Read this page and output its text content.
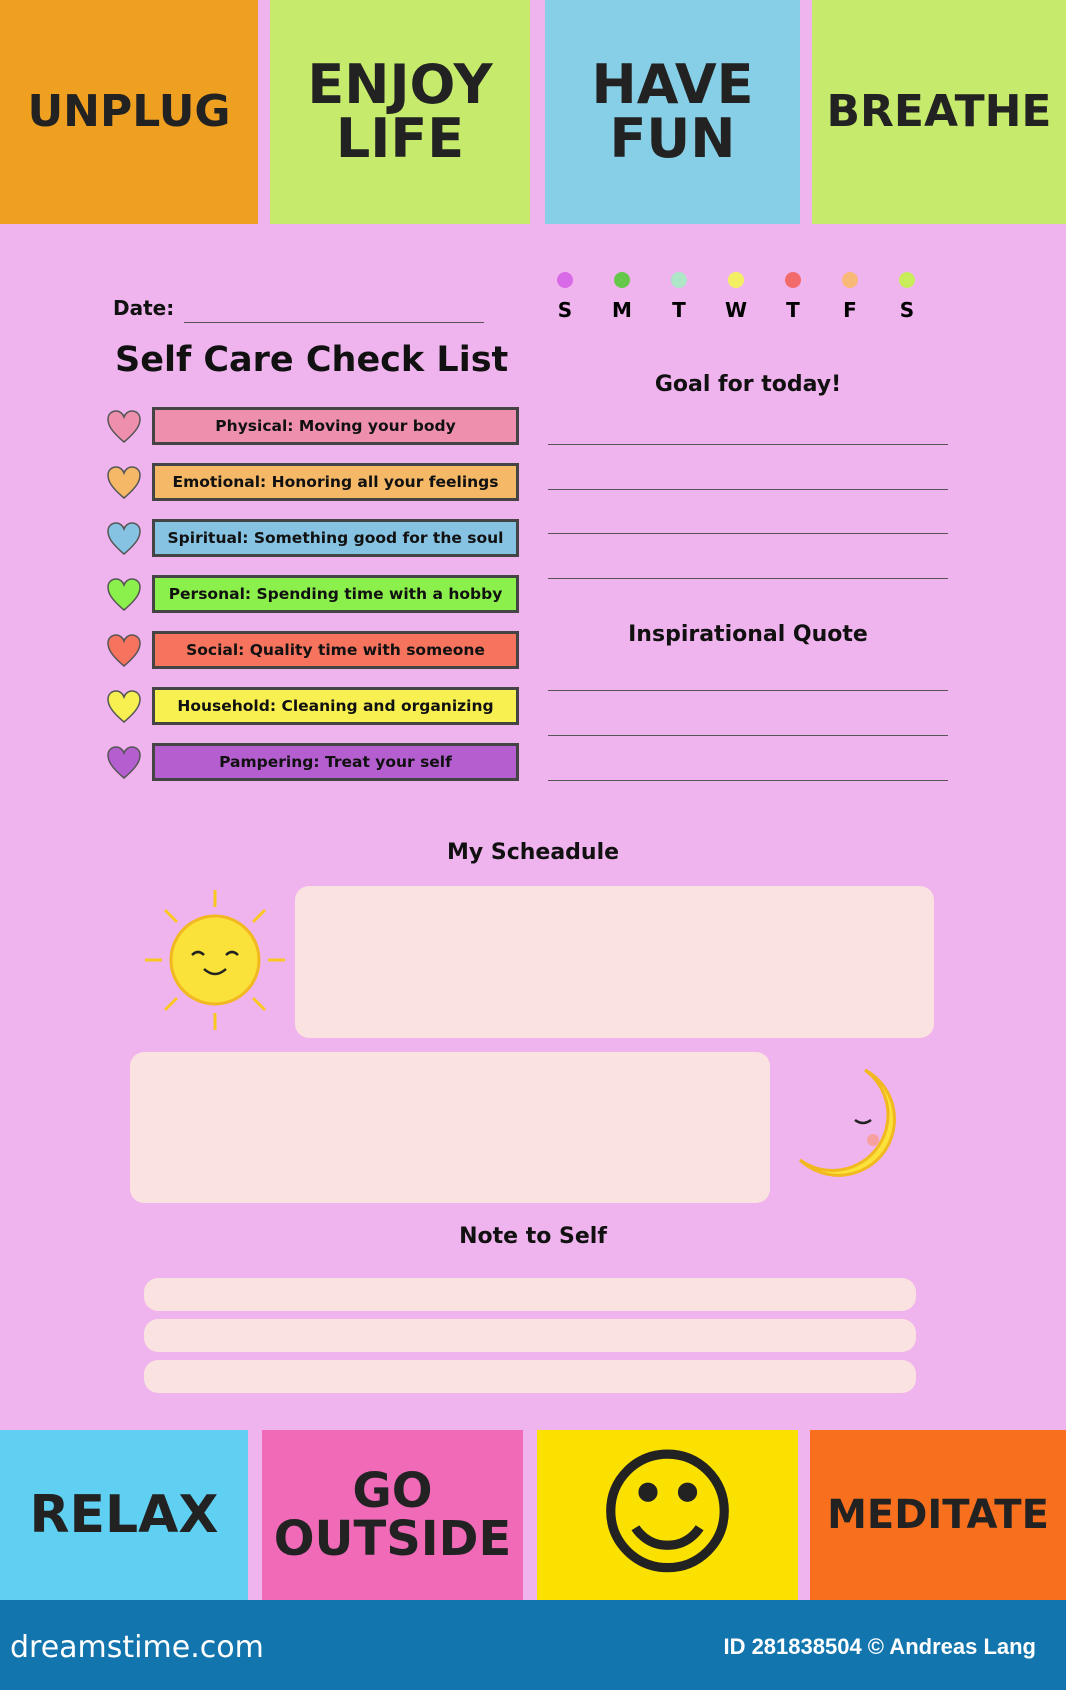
UNPLUG	ENJOY LIFE
HAVE FUN	BREATHE
RELAX	GO OUTSIDE ☺	MEDITATE
Date:	S	M	T	W	T	F	S
Self Care Check List
Physical: Moving your body
Emotional: Honoring all your feelings
Spiritual: Something good for the soul
Personal: Spending time with a hobby
Social: Quality time with someone
Household: Cleaning and organizing
Pampering: Treat your self
Goal for today!
Inspirational Quote
My Scheadule
Note to Self
dreamstime.com	ID 281838504 © Andreas Lang
